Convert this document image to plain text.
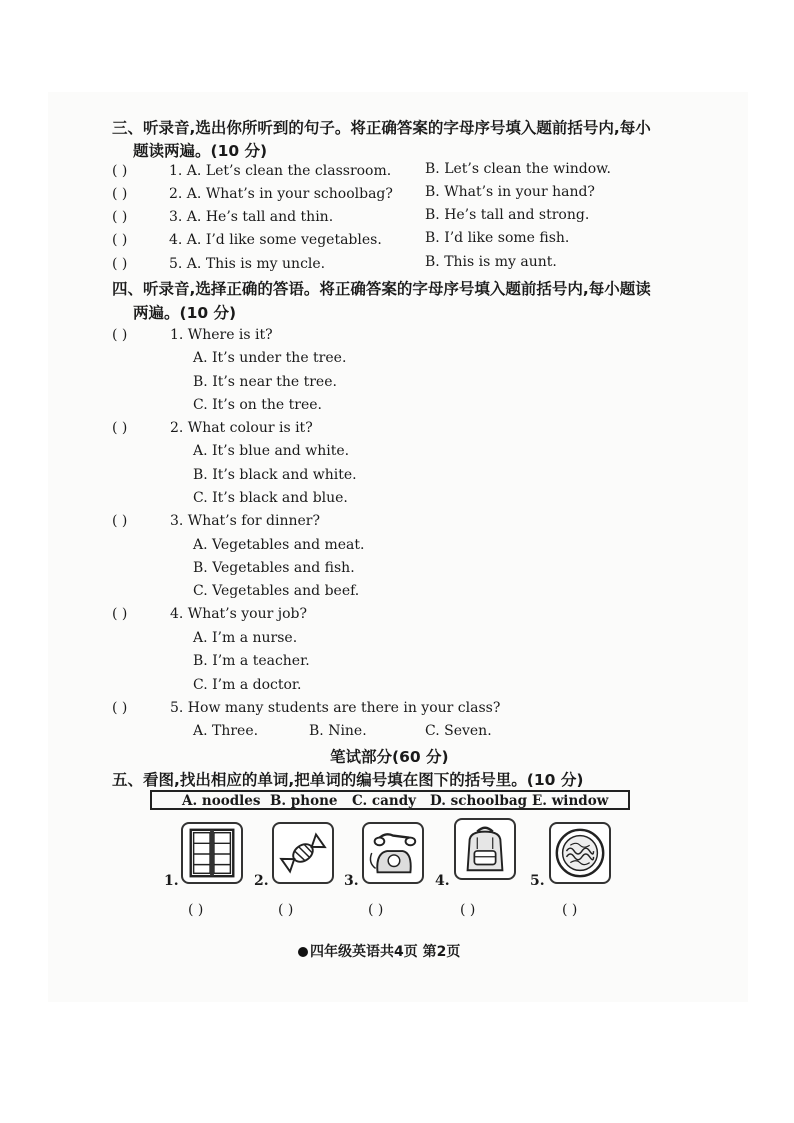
三、听录音,选出你所听到的句子。将正确答案的字母序号填入题前括号内,每小
题读两遍。(10 分)
( )	1. A. Let’s clean the classroom. B. Let’s clean the window.
( )	2. A. What’s in your schoolbag? B. What’s in your hand?
( )	3. A. He’s tall and thin.	B. He’s tall and strong.
( )	4. A. I’d like some vegetables.	B. I’d like some fish.
( )	5. A. This is my uncle.	B. This is my aunt.
四、听录音,选择正确的答语。将正确答案的字母序号填入题前括号内,每小题读
两遍。(10 分)
( )	1. Where is it?
A. It’s under the tree.
B. It’s near the tree.
C. It’s on the tree.
( )	2. What colour is it?
A. It’s blue and white.
B. It’s black and white.
C. It’s black and blue.
( )	3. What’s for dinner?
A. Vegetables and meat.
B. Vegetables and fish.
C. Vegetables and beef.
( )	4. What’s your job?
A. I’m a nurse.
B. I’m a teacher.
C. I’m a doctor.
( )	5. How many students are there in your class?
A. Three.	B. Nine.	C. Seven.
笔试部分(60 分)
五、看图,找出相应的单词,把单词的编号填在图下的括号里。(10 分)
A. noodles B. phone C. candy D. schoolbag E. window
1.
( )
2.
( )
3.
( )
4.
( )
5.
( )
四年级英语共4页 第2页
